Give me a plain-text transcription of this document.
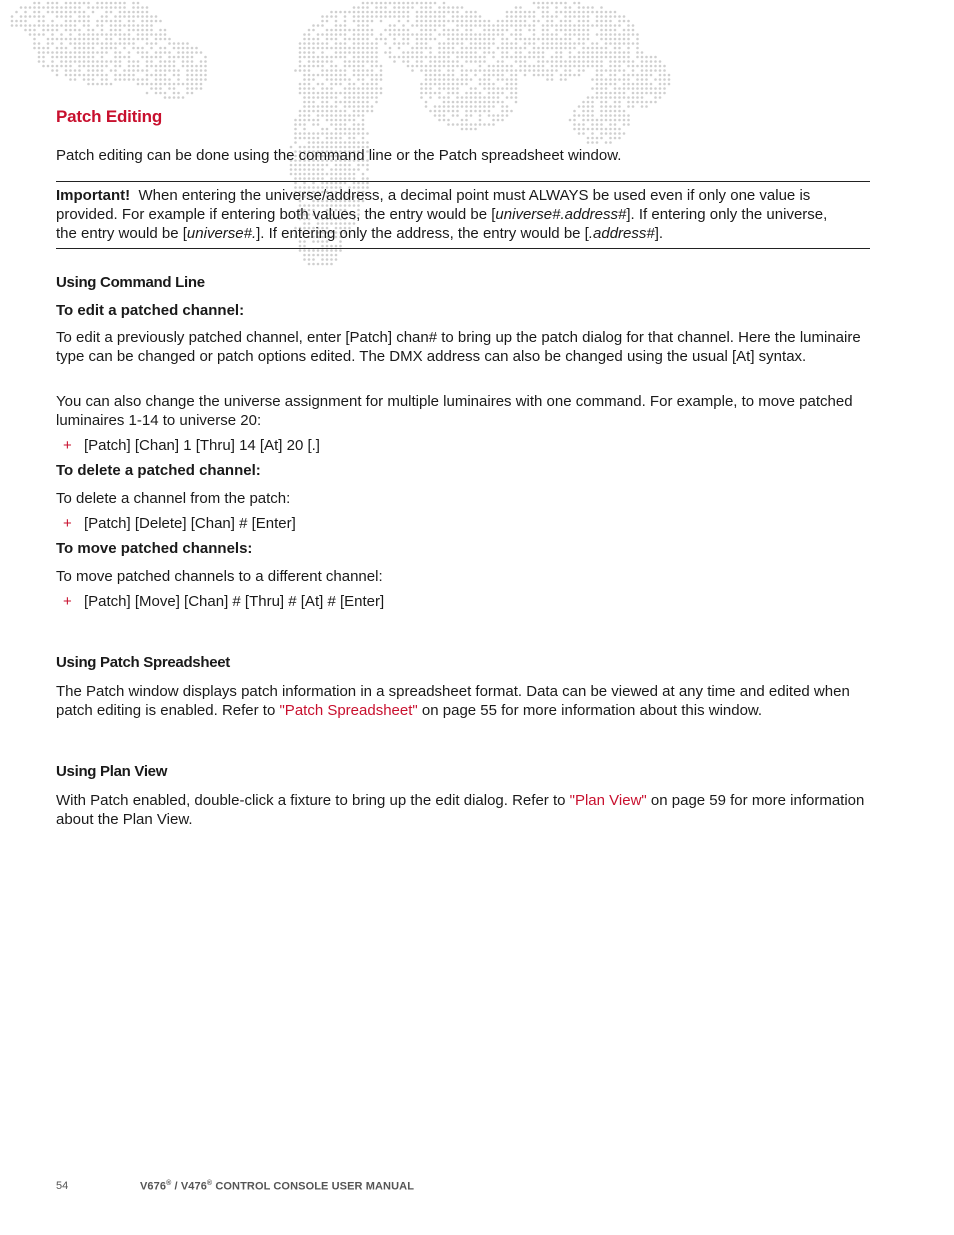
Patch Editing

Patch editing can be done using the command line or the Patch spreadsheet window.

Important! When entering the universe/address, a decimal point must ALWAYS be used even if only one value is
provided. For example if entering both values, the entry would be [universe#.address#]. If entering only the universe,
the entry would be [universe#.]. If entering only the address, the entry would be [.address#].

Using Command Line
To edit a patched channel:

To edit a previously patched channel, enter [Patch] chan# to bring up the patch dialog for that channel. Here the luminaire type can be changed or patch options edited. The DMX address can also be changed using the usual [At] syntax.

You can also change the universe assignment for multiple luminaires with one command. For example, to move patched luminaires 1-14 to universe 20:

+ [Patch] [Chan] 1 [Thru] 14 [At] 20 [.]
To delete a patched channel:

To delete a channel from the patch:

+ [Patch] [Delete] [Chan] # [Enter]
To move patched channels:

To move patched channels to a different channel:

+ [Patch] [Move] [Chan] # [Thru] # [At] # [Enter]
Using Patch Spreadsheet

The Patch window displays patch information in a spreadsheet format. Data can be viewed at any time and edited when patch editing is enabled. Refer to "Patch Spreadsheet" on page 55 for more information about this window.

Using Plan View

With Patch enabled, double-click a fixture to bring up the edit dialog. Refer to "Plan View" on page 59 for more information about the Plan View.

54	V676® / V476® CONTROL CONSOLE USER MANUAL
